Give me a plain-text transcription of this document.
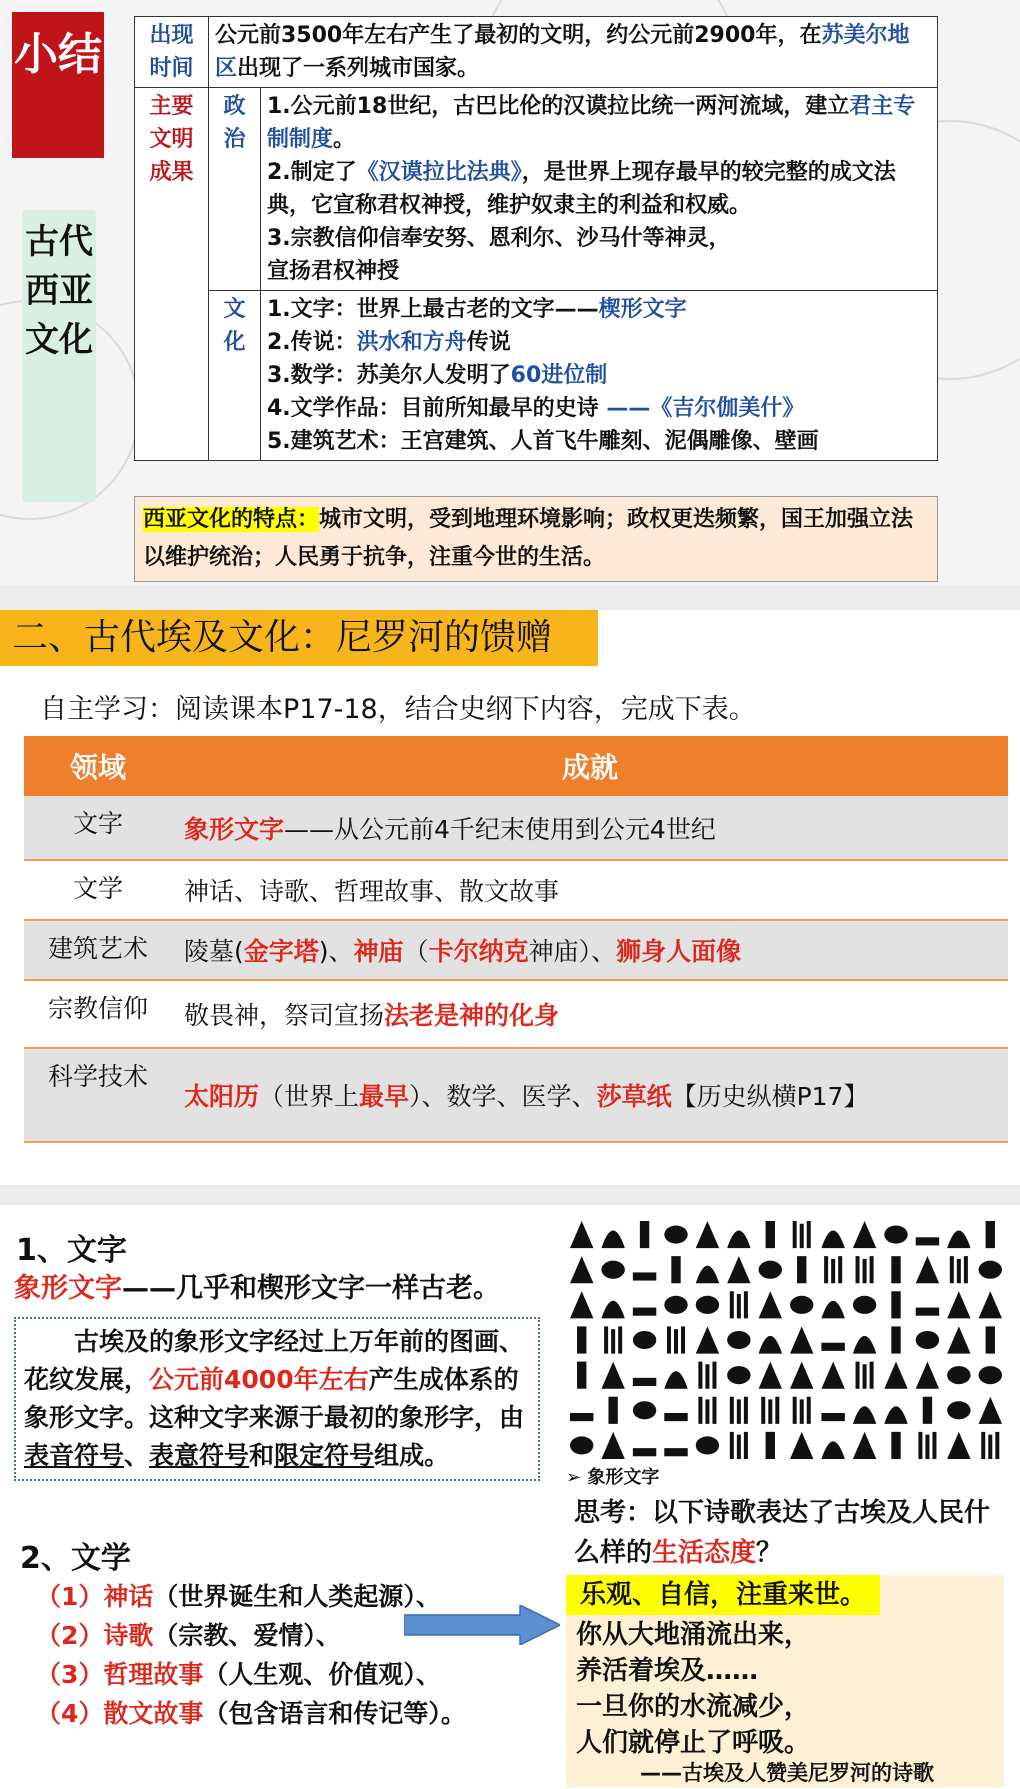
小结
古代西亚文化
出现时间	公元前3500年左右产生了最初的文明，约公元前2900年，在苏美尔地区出现了一系列城市国家。	
主要文明成果	政治	1.公元前18世纪，古巴比伦的汉谟拉比统一两河流域，建立君主专制制度。
2.制定了《汉谟拉比法典》，是世界上现存最早的较完整的成文法典，它宣称君权神授，维护奴隶主的利益和权威。
3.宗教信仰信奉安努、恩利尔、沙马什等神灵，
宣扬君权神授

	文化	1.文字：世界上最古老的文字——楔形文字
2.传说：洪水和方舟传说
3.数学：苏美尔人发明了60进位制
4.文学作品：目前所知最早的史诗 ——《吉尔伽美什》
5.建筑艺术：王宫建筑、人首飞牛雕刻、泥偶雕像、壁画
西亚文化的特点：城市文明，受到地理环境影响；政权更迭频繁，国王加强立法以维护统治；人民勇于抗争，注重今世的生活。
二、古代埃及文化：尼罗河的馈赠
自主学习：阅读课本P17-18，结合史纲下内容，完成下表。
领域	成就
文字	象形文字——从公元前4千纪末使用到公元4世纪
文学	神话、诗歌、哲理故事、散文故事
建筑艺术	陵墓(金字塔)、神庙（卡尔纳克神庙）、狮身人面像
宗教信仰	敬畏神，祭司宣扬法老是神的化身
科学技术	太阳历（世界上最早）、数学、医学、莎草纸【历史纵横P17】
1、文字
象形文字——几乎和楔形文字一样古老。
古埃及的象形文字经过上万年前的图画、花纹发展，公元前4000年左右产生成体系的象形文字。这种文字来源于最初的象形字，由表音符号、表意符号和限定符号组成。
2、文学
（1）神话（世界诞生和人类起源）、
（2）诗歌（宗教、爱情）、
（3）哲理故事（人生观、价值观）、
（4）散文故事（包含语言和传记等）。
➢ 象形文字
思考：以下诗歌表达了古埃及人民什么样的生活态度？
乐观、自信，注重来世。
你从大地涌流出来，
养活着埃及……
一旦你的水流减少，
人们就停止了呼吸。
——古埃及人赞美尼罗河的诗歌
